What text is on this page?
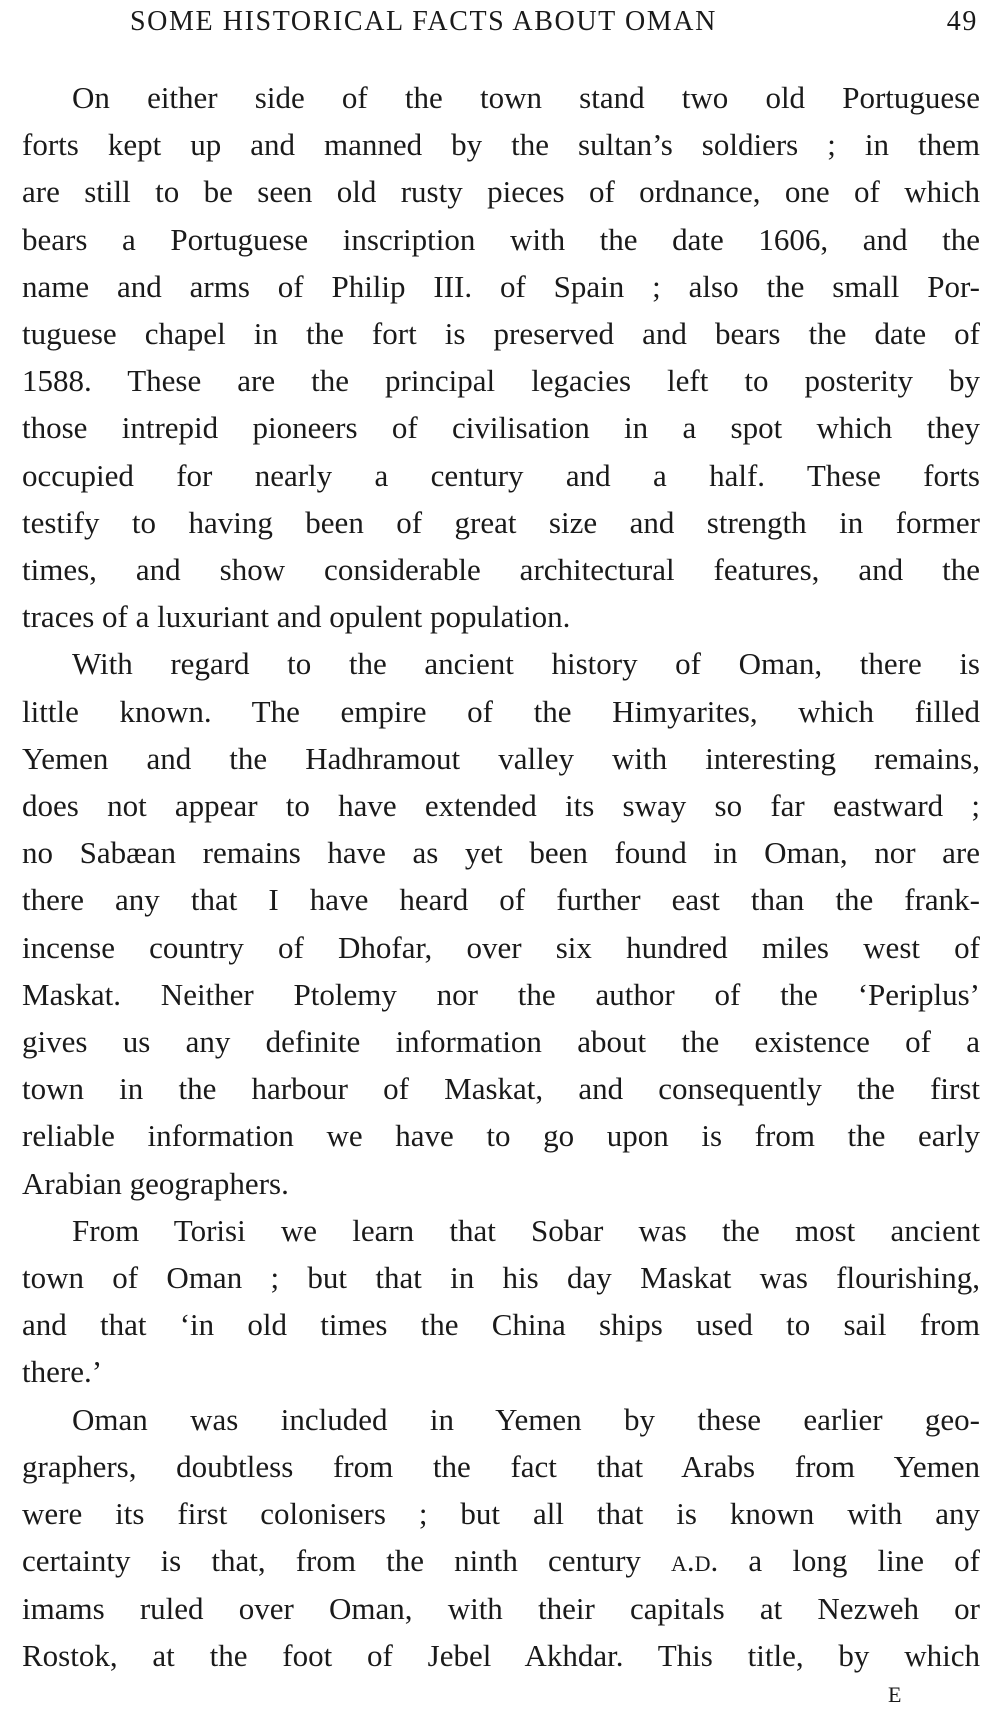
SOME HISTORICAL FACTS ABOUT OMAN	49

On either side of the town stand two old Portuguese
forts kept up and manned by the sultan’s soldiers ; in them
are still to be seen old rusty pieces of ordnance, one of which
bears a Portuguese inscription with the date 1606, and the
name and arms of Philip III. of Spain ; also the small Por-
tuguese chapel in the fort is preserved and bears the date of
1588. These are the principal legacies left to posterity by
those intrepid pioneers of civilisation in a spot which they
occupied for nearly a century and a half. These forts
testify to having been of great size and strength in former
times, and show considerable architectural features, and the
traces of a luxuriant and opulent population.

With regard to the ancient history of Oman, there is
little known. The empire of the Himyarites, which filled
Yemen and the Hadhramout valley with interesting remains,
does not appear to have extended its sway so far eastward ;
no Sabæan remains have as yet been found in Oman, nor are
there any that I have heard of further east than the frank-
incense country of Dhofar, over six hundred miles west of
Maskat. Neither Ptolemy nor the author of the ‘Periplus’
gives us any definite information about the existence of a
town in the harbour of Maskat, and consequently the first
reliable information we have to go upon is from the early
Arabian geographers.

From Torisi we learn that Sobar was the most ancient
town of Oman ; but that in his day Maskat was flourishing,
and that ‘in old times the China ships used to sail from
there.’

Oman was included in Yemen by these earlier geo-
graphers, doubtless from the fact that Arabs from Yemen
were its first colonisers ; but all that is known with any
certainty is that, from the ninth century a.d. a long line of
imams ruled over Oman, with their capitals at Nezweh or
Rostok, at the foot of Jebel Akhdar. This title, by which

E
